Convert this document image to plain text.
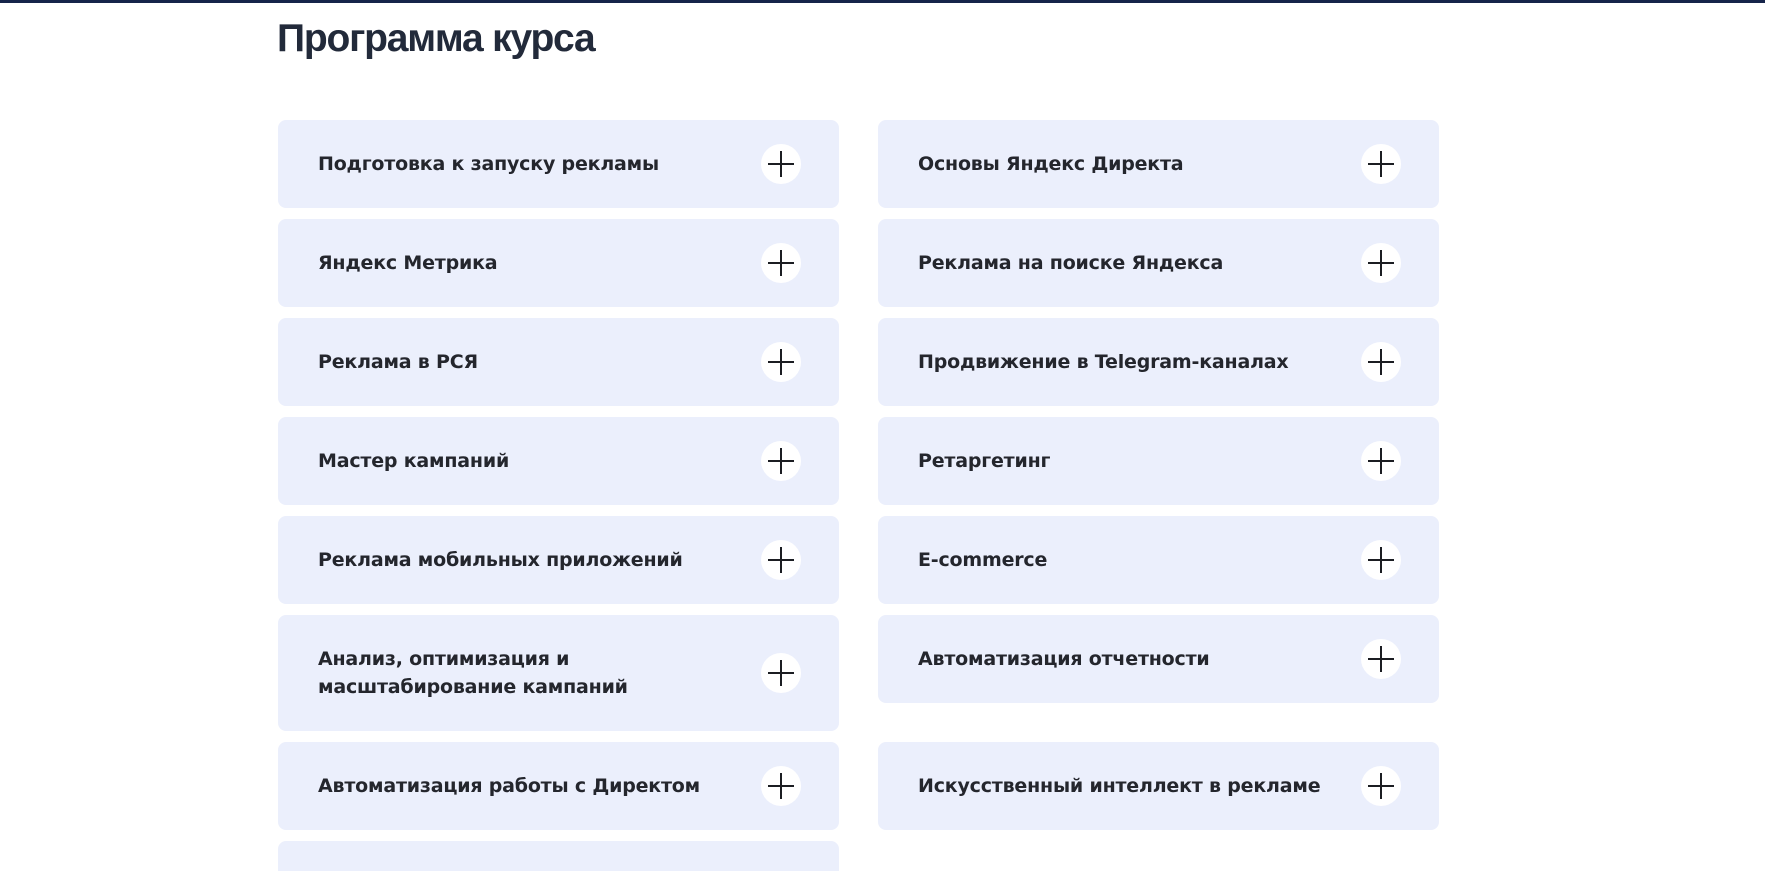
Программа курса
Подготовка к запуску рекламы	Основы Яндекс Директа
Яндекс Метрика	Реклама на поиске Яндекса
Реклама в РСЯ	Продвижение в Telegram-каналах
Мастер кампаний	Ретаргетинг
Реклама мобильных приложений	E-commerce
Анализ, оптимизация и масштабирование кампаний
Автоматизация отчетности
Автоматизация работы с Директом	Искусственный интеллект в рекламе
